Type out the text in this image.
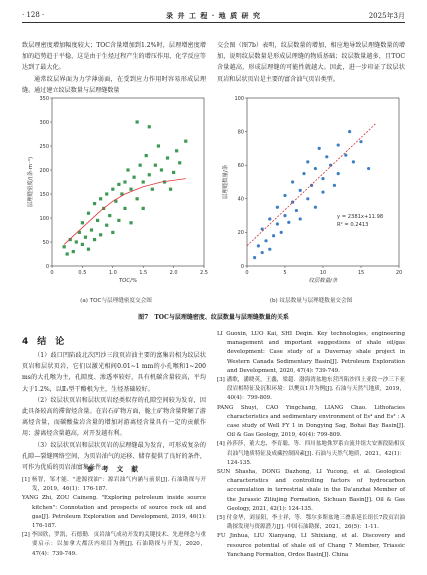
· 128 ·	录 井 工 程 · 地 质 研 究	2025年3月

致层理密度增加幅度较大；TOC含量增加到1.2%时，层理增密度增加的趋势趋于平稳，这是由于生烃过程产生的增压作用、化学反应等达到了最大化。

通常纹层界面为力学薄弱面，在受到应力作用时容易形成层理缝。通过建立纹层数量与层理缝数量

交会图（图7b）表明，纹层数量的增加，相应地导致层理缝数量的增加，说明纹层数量是形成层理缝的物质基础；纹层数量越多，且TOC含量越高，形成层理缝的可能性就越大。因此，进一步印证了纹层状页岩和层状页岩是主要的富含油气页岩类型。

0	0.5	1.0	1.5	2.0	2.5
0
50
100
150
200
250
300
350
TOC/%
层理缝密度/(条·m⁻¹)
(a) TOC与层理缝密度交会图
0	5	10	15	20
0
20
40
60
80
100
纹层数量/条
层理缝数量/条
y = 2381x+11.98
R² = 0.2413
(b) 纹层数量与层理缝数量交会图
图7　TOC与层理缝密度、纹层数量与层理缝数量的关系
4　结　论

（1）歧口凹陷歧北次凹沙三段页岩油主要的富集岩相为纹层状页岩和层状页岩，它们以激光相间0.01~1 mm的小孔喉和1~200 ms的大孔喉为主，孔隙度、渗透率较好，具有机碳含量较高，平均大于1.2%，以Ⅱ₁型干酪根为主，生烃基础较好。

（2）纹层状页岩和层状页岩经类似存的孔隙空间较为发育，因此具备较高的滞留烃含量。在岩石矿物方面，脆土矿物含量降解了游离烃含量，而碳酸盐岩含量的增加对游离烃含量具有一定的贡献作用；游离烃含量越高，对开发越有利。

（3）纹层状页岩和层状页岩的层理缝最为发育，可形成复杂的孔隙—裂缝网络空间，为页岩油气的运移、储存提供了良好的条件，可作为优质的页岩油富集条件。

参 考 文 献

[1] 杨智，邹才能．"进源找油"：源岩油气内涵与前景[J]. 石油勘探与开发，2019，46(1)：176-187.

YANG Zhi, ZOU Caineng. "Exploring petroleum inside source kitchen": Connotation and prospects of source rock oil and gas[J]. Petroleum Exploration and Development, 2019, 46(1): 176-187.

[2] 李国欣，罗凯，石德勤．页岩油气成功开发的关键技术、先进理念与重要启示：以加拿大都沃内项目为例[J]. 石油勘探与开发，2020，47(4)：739-749.

LI Guoxin, LUO Kai, SHI Deqin. Key technologies, engineering management and important suggestions of shale oil/gas development: Case study of a Duvernay shale project in Western Canada Sedimentary Basin[J]. Petroleum Exploration and Development, 2020, 47(4): 739-749.

[3] 潘歌，潘晓英，王鑫，梁超．渤海湾盆地东营凹陷沙四上亚段一沙三下亚段岩相特征及沉积环境：以樊页1井为例[J]. 石油与天然气地质，2019，40(4)：799-809.

PANG Shuyi, CAO Yingchang, LIANG Chao. Lithofacies characteristics and sedimentary environment of Es⁴ and Es³ : A case study of Well FY 1 in Dongying Sag, Bohai Bay Basin[J]. Oil & Gas Geology, 2019, 40(4): 799-809.

[4] 孙莎莎，董大忠，李育聪，等．四川盆地侏罗系自流井组大安寨段陆相页岩油气地质特征及成藏控制因素[J]. 石油与天然气地质，2021，42(1)：124-135.

SUN Shasha, DONG Dazhong, LI Yucong, et al. Geological characteristics and controlling factors of hydrocarbon accumulation in terrestrial shale in the Da'anzhai Member of the Jurassic Ziliujing Formation, Sichuan Basin[J]. Oil & Gas Geology, 2021, 42(1): 124-135.

[5] 付金华，刘显阳，李士祥，等．鄂尔多斯盆地三叠系延长组长7段页岩油勘探发现与资源潜力[J]. 中国石油勘探，2021，26(5)：1-11.

FU Jinhua, LIU Xianyang, LI Shixiang, et al. Discovery and resource potential of shale oil of Chang 7 Member, Triassic Yanchang Formation, Ordos Basin[J]. China
